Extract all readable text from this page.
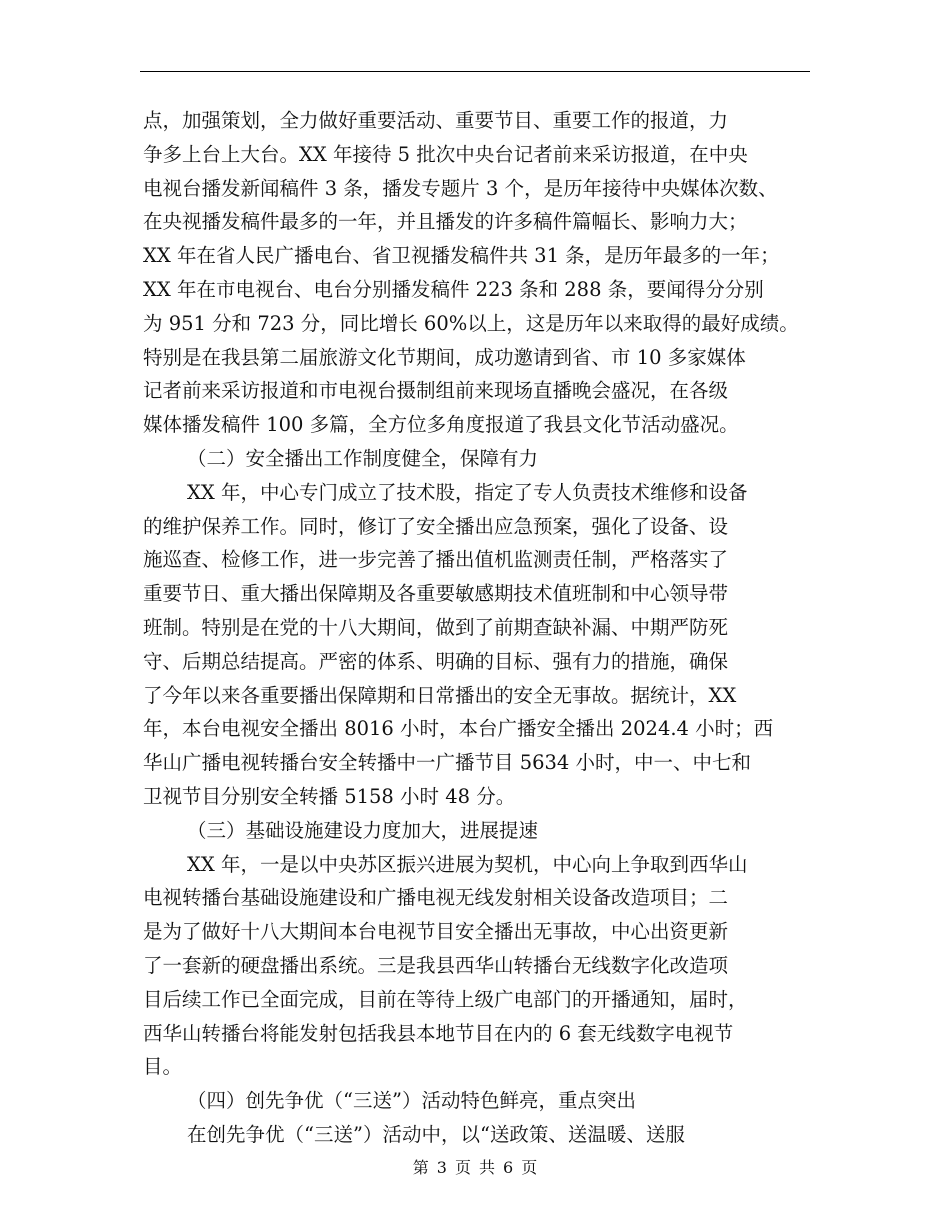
点，加强策划，全力做好重要活动、重要节目、重要工作的报道，力
争多上台上大台。XX 年接待 5 批次中央台记者前来采访报道，在中央
电视台播发新闻稿件 3 条，播发专题片 3 个，是历年接待中央媒体次数、
在央视播发稿件最多的一年，并且播发的许多稿件篇幅长、影响力大；
XX 年在省人民广播电台、省卫视播发稿件共 31 条，是历年最多的一年；
XX 年在市电视台、电台分别播发稿件 223 条和 288 条，要闻得分分别
为 951 分和 723 分，同比增长 60%以上，这是历年以来取得的最好成绩。
特别是在我县第二届旅游文化节期间，成功邀请到省、市 10 多家媒体
记者前来采访报道和市电视台摄制组前来现场直播晚会盛况，在各级
媒体播发稿件 100 多篇，全方位多角度报道了我县文化节活动盛况。
（二）安全播出工作制度健全，保障有力
XX 年，中心专门成立了技术股，指定了专人负责技术维修和设备
的维护保养工作。同时，修订了安全播出应急预案，强化了设备、设
施巡查、检修工作，进一步完善了播出值机监测责任制，严格落实了
重要节日、重大播出保障期及各重要敏感期技术值班制和中心领导带
班制。特别是在党的十八大期间，做到了前期查缺补漏、中期严防死
守、后期总结提高。严密的体系、明确的目标、强有力的措施，确保
了今年以来各重要播出保障期和日常播出的安全无事故。据统计，XX
年，本台电视安全播出 8016 小时，本台广播安全播出 2024.4 小时；西
华山广播电视转播台安全转播中一广播节目 5634 小时，中一、中七和
卫视节目分别安全转播 5158 小时 48 分。
（三）基础设施建设力度加大，进展提速
XX 年，一是以中央苏区振兴进展为契机，中心向上争取到西华山
电视转播台基础设施建设和广播电视无线发射相关设备改造项目；二
是为了做好十八大期间本台电视节目安全播出无事故，中心出资更新
了一套新的硬盘播出系统。三是我县西华山转播台无线数字化改造项
目后续工作已全面完成，目前在等待上级广电部门的开播通知，届时，
西华山转播台将能发射包括我县本地节目在内的 6 套无线数字电视节
目。
（四）创先争优（“三送”）活动特色鲜亮，重点突出
在创先争优（“三送”）活动中，以“送政策、送温暖、送服
第 3 页 共 6 页
